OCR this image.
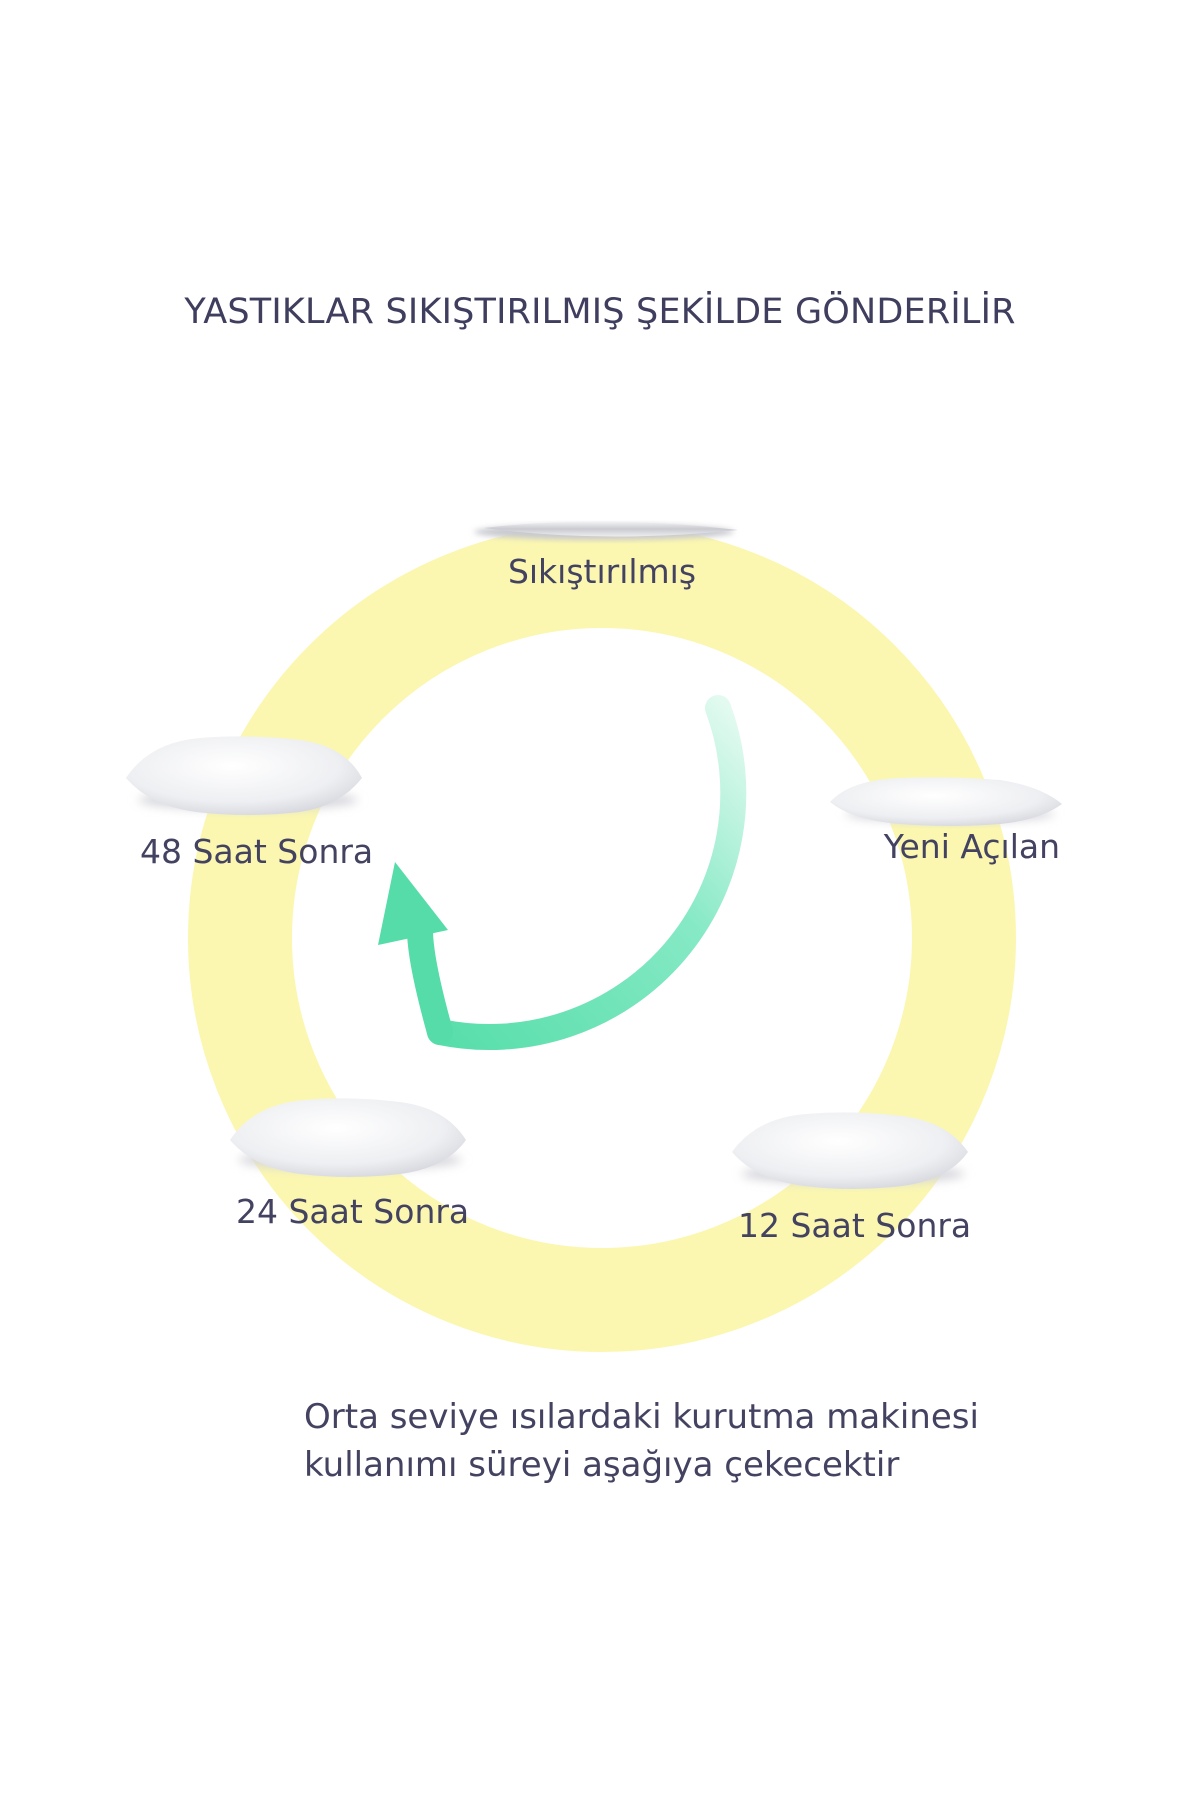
YASTIKLAR SIKIŞTIRILMIŞ ŞEKİLDE GÖNDERİLİR
Sıkıştırılmış
Yeni Açılan
12 Saat Sonra
24 Saat Sonra
48 Saat Sonra
Orta seviye ısılardaki kurutma makinesi
kullanımı süreyi aşağıya çekecektir
